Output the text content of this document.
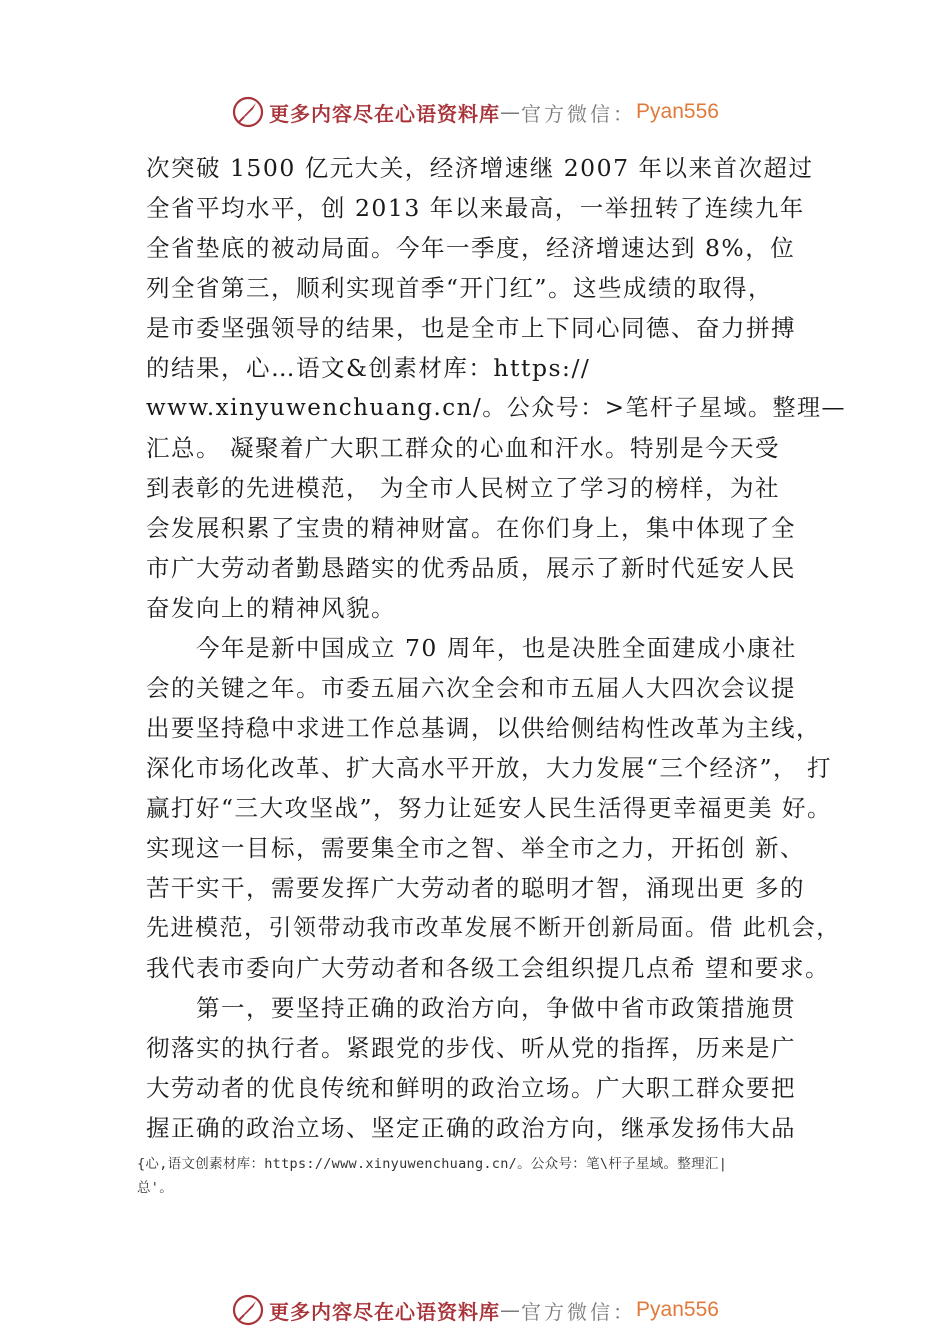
更多内容尽在心语资料库 — 官方微信： Pyan556
次突破 1500 亿元大关，经济增速继 2007 年以来首次超过
全省平均水平，创 2013 年以来最高，一举扭转了连续九年
全省垫底的被动局面。今年一季度，经济增速达到 8%，位
列全省第三，顺利实现首季“开门红”。这些成绩的取得，
是市委坚强领导的结果，也是全市上下同心同德、奋力拼搏
的结果，心…语文&创素材库：https://
www.xinyuwenchuang.cn/。公众号：>笔杆子星域。整理—
汇总。 凝聚着广大职工群众的心血和汗水。特别是今天受
到表彰的先进模范， 为全市人民树立了学习的榜样，为社
会发展积累了宝贵的精神财富。在你们身上，集中体现了全
市广大劳动者勤恳踏实的优秀品质，展示了新时代延安人民
奋发向上的精神风貌。
今年是新中国成立 70 周年，也是决胜全面建成小康社
会的关键之年。市委五届六次全会和市五届人大四次会议提
出要坚持稳中求进工作总基调，以供给侧结构性改革为主线，
深化市场化改革、扩大高水平开放，大力发展“三个经济”， 打
赢打好“三大攻坚战”，努力让延安人民生活得更幸福更美 好。
实现这一目标，需要集全市之智、举全市之力，开拓创 新、
苦干实干，需要发挥广大劳动者的聪明才智，涌现出更 多的
先进模范，引领带动我市改革发展不断开创新局面。借 此机会，
我代表市委向广大劳动者和各级工会组织提几点希 望和要求。
第一，要坚持正确的政治方向，争做中省市政策措施贯
彻落实的执行者。紧跟党的步伐、听从党的指挥，历来是广
大劳动者的优良传统和鲜明的政治立场。广大职工群众要把
握正确的政治立场、坚定正确的政治方向，继承发扬伟大品
{心,语文创素材库：https://www.xinyuwenchuang.cn/。公众号：笔\杆子星域。整理汇|
总'。
更多内容尽在心语资料库 — 官方微信： Pyan556
